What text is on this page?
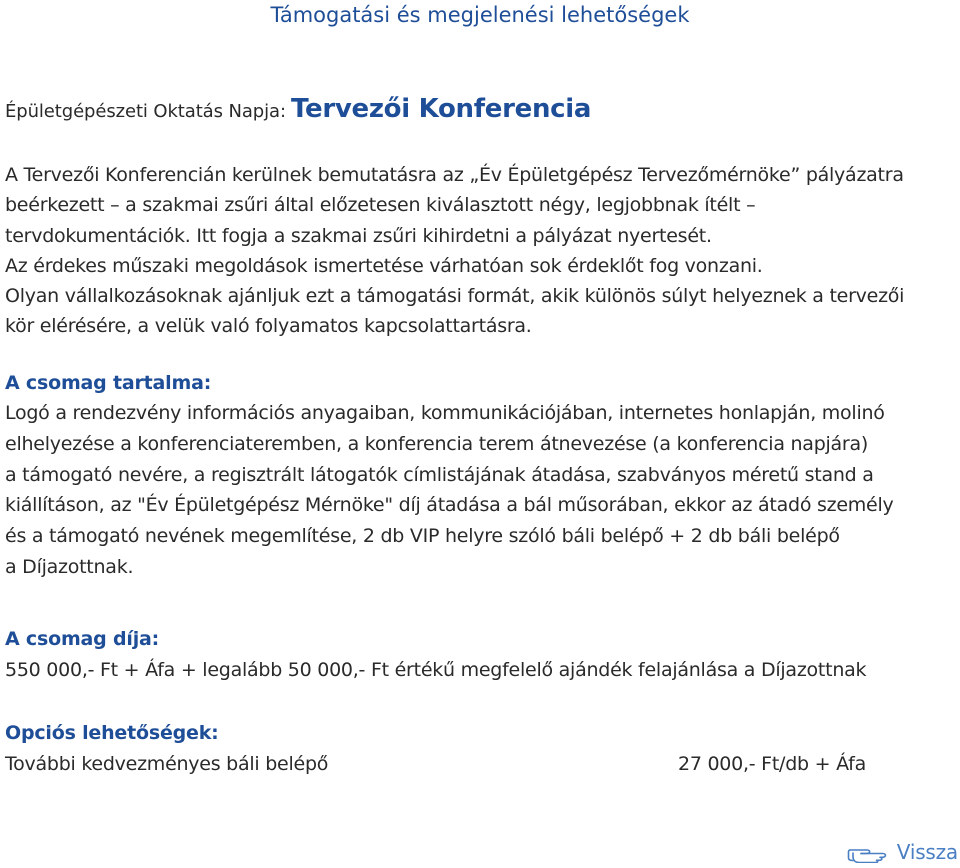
Támogatási és megjelenési lehetőségek
Épületgépészeti Oktatás Napja: Tervezői Konferencia
A Tervezői Konferencián kerülnek bemutatásra az „Év Épületgépész Tervezőmérnöke” pályázatra
beérkezett – a szakmai zsűri által előzetesen kiválasztott négy, legjobbnak ítélt –
tervdokumentációk. Itt fogja a szakmai zsűri kihirdetni a pályázat nyertesét.
Az érdekes műszaki megoldások ismertetése várhatóan sok érdeklőt fog vonzani.
Olyan vállalkozásoknak ajánljuk ezt a támogatási formát, akik különös súlyt helyeznek a tervezői
kör elérésére, a velük való folyamatos kapcsolattartásra.
A csomag tartalma:
Logó a rendezvény információs anyagaiban, kommunikációjában, internetes honlapján, molinó
elhelyezése a konferenciateremben, a konferencia terem átnevezése (a konferencia napjára)
a támogató nevére, a regisztrált látogatók címlistájának átadása, szabványos méretű stand a
kiállításon, az "Év Épületgépész Mérnöke" díj átadása a bál műsorában, ekkor az átadó személy
és a támogató nevének megemlítése, 2 db VIP helyre szóló báli belépő + 2 db báli belépő
a Díjazottnak.
A csomag díja:
550 000,- Ft + Áfa + legalább 50 000,- Ft értékű megfelelő ajándék felajánlása a Díjazottnak
Opciós lehetőségek:
További kedvezményes báli belépő	27 000,- Ft/db + Áfa
Vissza
